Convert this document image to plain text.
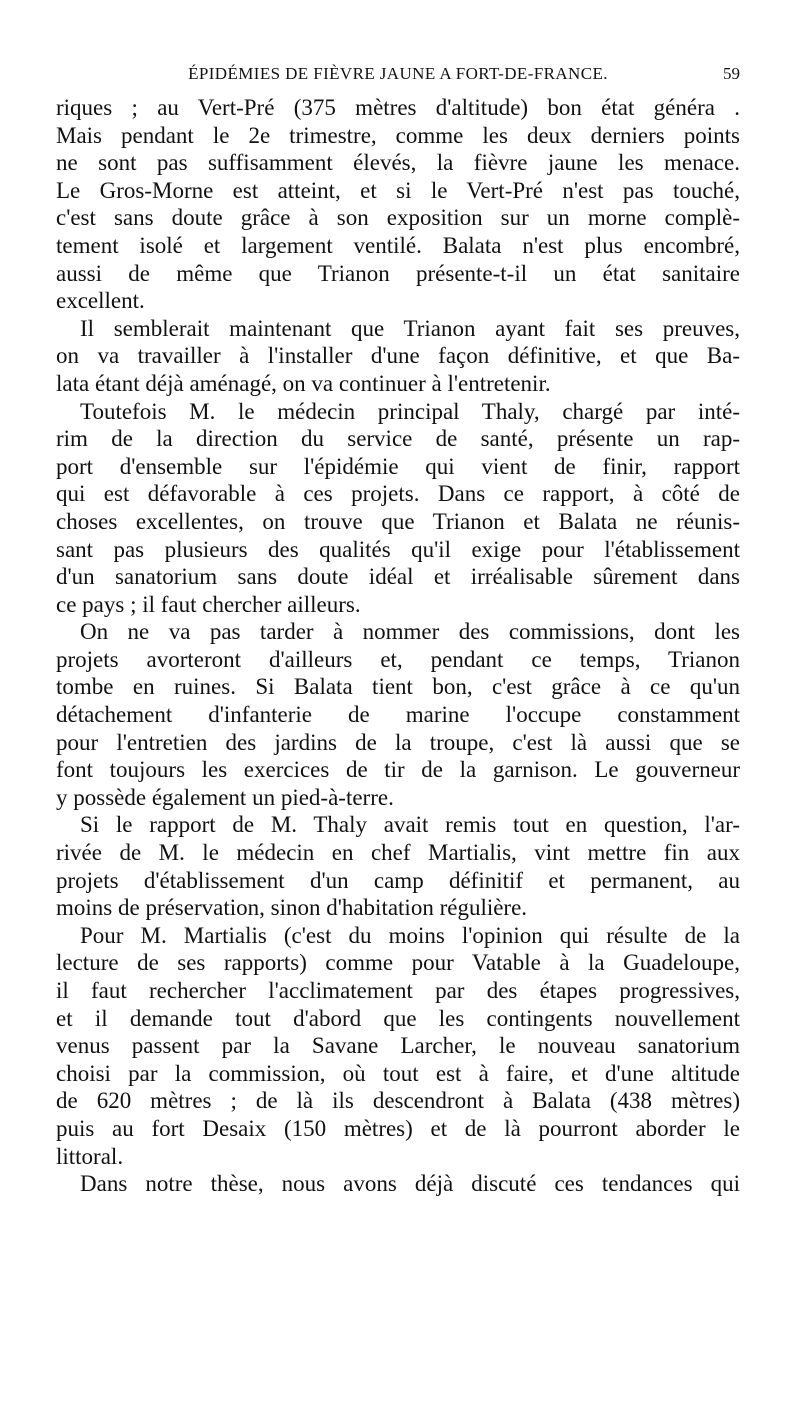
ÉPIDÉMIES DE FIÈVRE JAUNE A FORT-DE-FRANCE.	59
riques ; au Vert-Pré (375 mètres d'altitude) bon état généra .
Mais pendant le 2e trimestre, comme les deux derniers points
ne sont pas suffisamment élevés, la fièvre jaune les menace.
Le Gros-Morne est atteint, et si le Vert-Pré n'est pas touché,
c'est sans doute grâce à son exposition sur un morne complè-
tement isolé et largement ventilé. Balata n'est plus encombré,
aussi de même que Trianon présente-t-il un état sanitaire
excellent.
Il semblerait maintenant que Trianon ayant fait ses preuves,
on va travailler à l'installer d'une façon définitive, et que Ba-
lata étant déjà aménagé, on va continuer à l'entretenir.
Toutefois M. le médecin principal Thaly, chargé par inté-
rim de la direction du service de santé, présente un rap-
port d'ensemble sur l'épidémie qui vient de finir, rapport
qui est défavorable à ces projets. Dans ce rapport, à côté de
choses excellentes, on trouve que Trianon et Balata ne réunis-
sant pas plusieurs des qualités qu'il exige pour l'établissement
d'un sanatorium sans doute idéal et irréalisable sûrement dans
ce pays ; il faut chercher ailleurs.
On ne va pas tarder à nommer des commissions, dont les
projets avorteront d'ailleurs et, pendant ce temps, Trianon
tombe en ruines. Si Balata tient bon, c'est grâce à ce qu'un
détachement d'infanterie de marine l'occupe constamment
pour l'entretien des jardins de la troupe, c'est là aussi que se
font toujours les exercices de tir de la garnison. Le gouverneur
y possède également un pied-à-terre.
Si le rapport de M. Thaly avait remis tout en question, l'ar-
rivée de M. le médecin en chef Martialis, vint mettre fin aux
projets d'établissement d'un camp définitif et permanent, au
moins de préservation, sinon d'habitation régulière.
Pour M. Martialis (c'est du moins l'opinion qui résulte de la
lecture de ses rapports) comme pour Vatable à la Guadeloupe,
il faut rechercher l'acclimatement par des étapes progressives,
et il demande tout d'abord que les contingents nouvellement
venus passent par la Savane Larcher, le nouveau sanatorium
choisi par la commission, où tout est à faire, et d'une altitude
de 620 mètres ; de là ils descendront à Balata (438 mètres)
puis au fort Desaix (150 mètres) et de là pourront aborder le
littoral.
Dans notre thèse, nous avons déjà discuté ces tendances qui
